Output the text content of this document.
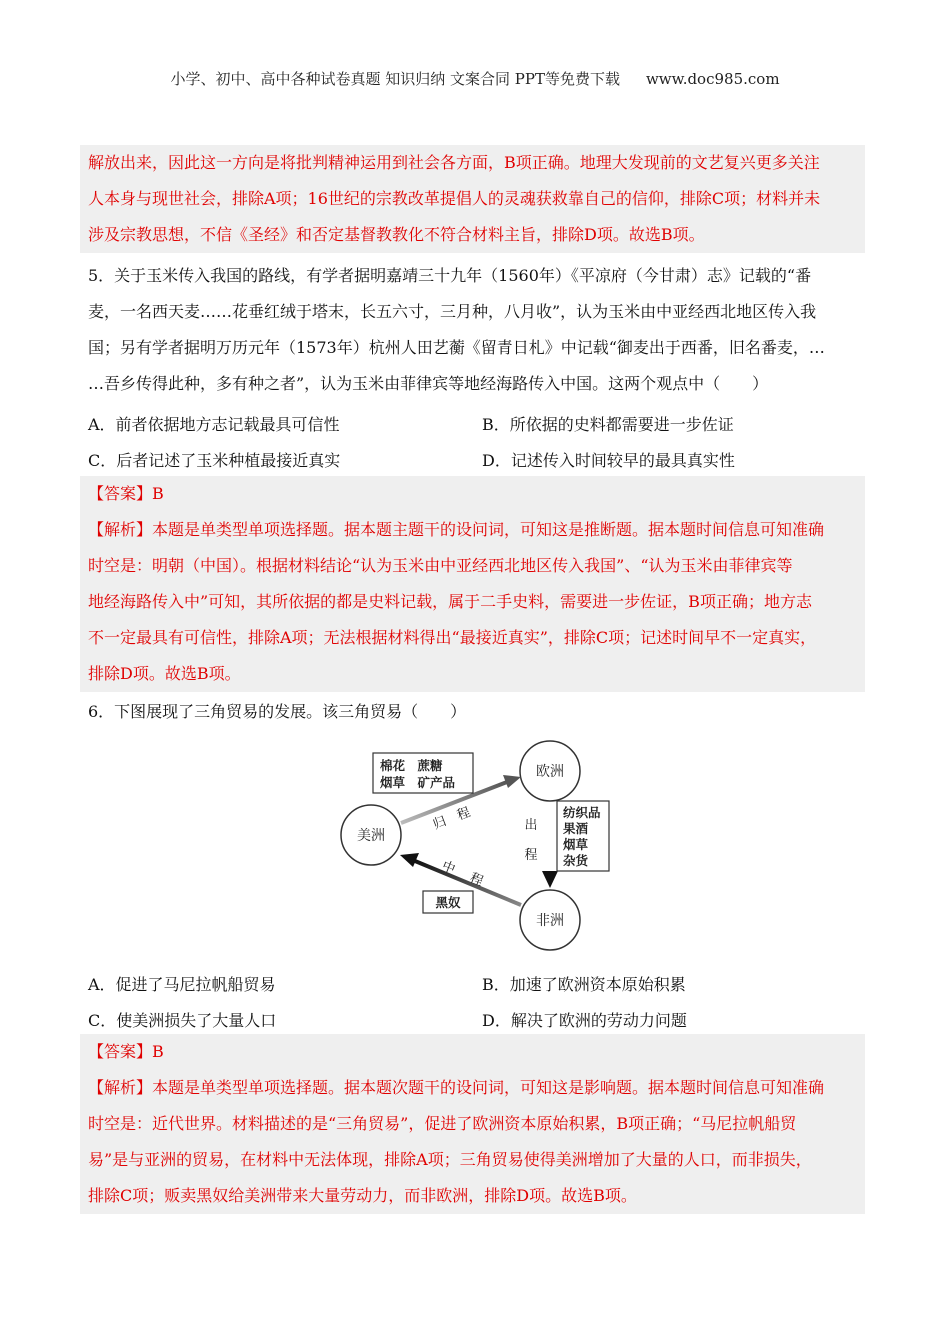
小学、初中、高中各种试卷真题 知识归纳 文案合同 PPT等免费下载 www.doc985.com

解放出来，因此这一方向是将批判精神运用到社会各方面，B项正确。地理大发现前的文艺复兴更多关注

人本身与现世社会，排除A项；16世纪的宗教改革提倡人的灵魂获救靠自己的信仰，排除C项；材料并未

涉及宗教思想，不信《圣经》和否定基督教教化不符合材料主旨，排除D项。故选B项。

5．关于玉米传入我国的路线，有学者据明嘉靖三十九年（1560年）《平凉府（今甘肃）志》记载的“番

麦，一名西天麦……花垂红绒于塔末，长五六寸，三月种，八月收”，认为玉米由中亚经西北地区传入我

国；另有学者据明万历元年（1573年）杭州人田艺蘅《留青日札》中记载“御麦出于西番，旧名番麦，…

…吾乡传得此种，多有种之者”，认为玉米由菲律宾等地经海路传入中国。这两个观点中（　　）

A．前者依据地方志记载最具可信性	B．所依据的史料都需要进一步佐证
C．后者记述了玉米种植最接近真实	D．记述传入时间较早的最具真实性

【答案】B

【解析】本题是单类型单项选择题。据本题主题干的设问词，可知这是推断题。据本题时间信息可知准确

时空是：明朝（中国）。根据材料结论“认为玉米由中亚经西北地区传入我国”、“认为玉米由菲律宾等

地经海路传入中”可知，其所依据的都是史料记载，属于二手史料，需要进一步佐证，B项正确；地方志

不一定最具有可信性，排除A项；无法根据材料得出“最接近真实”，排除C项；记述时间早不一定真实，

排除D项。故选B项。

6．下图展现了三角贸易的发展。该三角贸易（　　）

欧洲
美洲
非洲
归 程
出
程
中
程
棉花　蔗糖
烟草　矿产品
纺织品
果酒
烟草
杂货
黑奴
A．促进了马尼拉帆船贸易	B．加速了欧洲资本原始积累
C．使美洲损失了大量人口	D．解决了欧洲的劳动力问题

【答案】B

【解析】本题是单类型单项选择题。据本题次题干的设问词，可知这是影响题。据本题时间信息可知准确

时空是：近代世界。材料描述的是“三角贸易”，促进了欧洲资本原始积累，B项正确；“马尼拉帆船贸

易”是与亚洲的贸易，在材料中无法体现，排除A项；三角贸易使得美洲增加了大量的人口，而非损失，

排除C项；贩卖黑奴给美洲带来大量劳动力，而非欧洲，排除D项。故选B项。
